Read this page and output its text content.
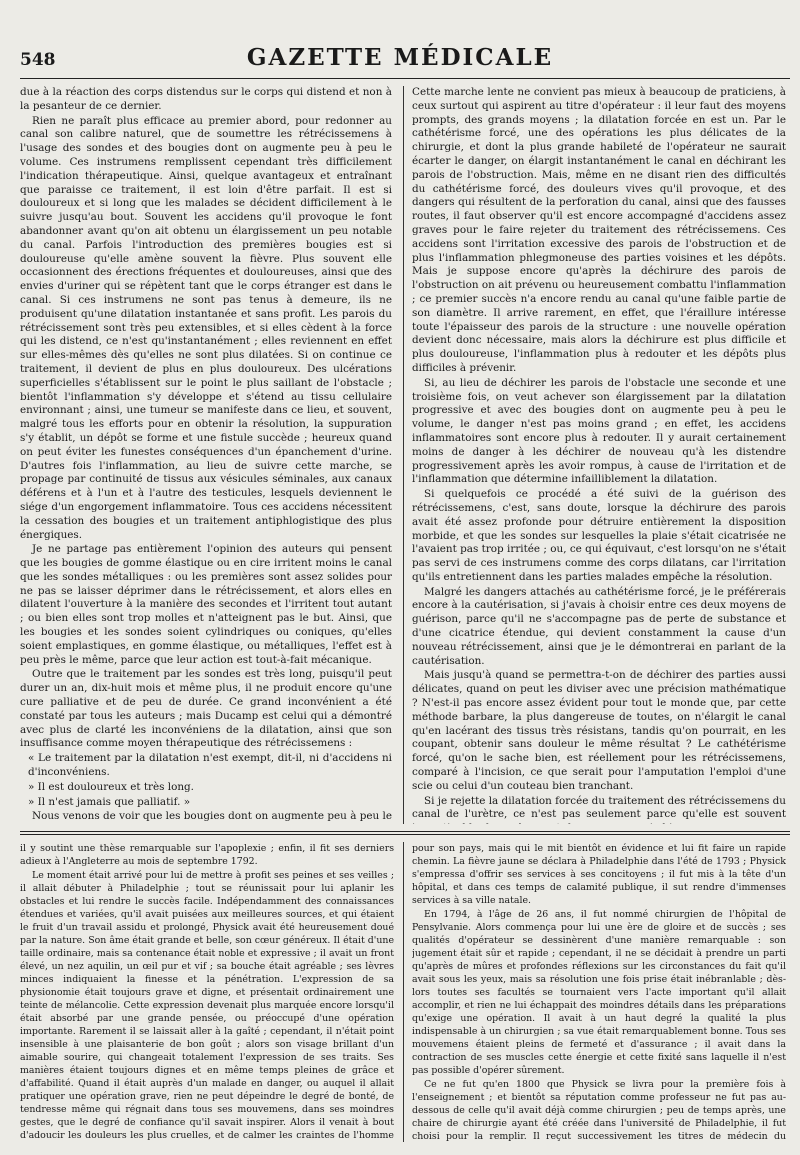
548	GAZETTE MÉDICALE

due à la réaction des corps distendus sur le corps qui distend et non à la pesanteur de ce dernier.

Rien ne paraît plus efficace au premier abord, pour redonner au canal son calibre naturel, que de soumettre les rétrécissemens à l'usage des sondes et des bougies dont on augmente peu à peu le volume. Ces instrumens remplissent cependant très difficilement l'indication thérapeutique. Ainsi, quelque avantageux et entraînant que paraisse ce traitement, il est loin d'être parfait. Il est si douloureux et si long que les malades se décident difficilement à le suivre jusqu'au bout. Souvent les accidens qu'il provoque le font abandonner avant qu'on ait obtenu un élargissement un peu notable du canal. Parfois l'introduction des premières bougies est si douloureuse qu'elle amène souvent la fièvre. Plus souvent elle occasionnent des érections fréquentes et douloureuses, ainsi que des envies d'uriner qui se répètent tant que le corps étranger est dans le canal. Si ces instrumens ne sont pas tenus à demeure, ils ne produisent qu'une dilatation instantanée et sans profit. Les parois du rétrécissement sont très peu extensibles, et si elles cèdent à la force qui les distend, ce n'est qu'instantanément ; elles reviennent en effet sur elles-mêmes dès qu'elles ne sont plus dilatées. Si on continue ce traitement, il devient de plus en plus douloureux. Des ulcérations superficielles s'établissent sur le point le plus saillant de l'obstacle ; bientôt l'inflammation s'y développe et s'étend au tissu cellulaire environnant ; ainsi, une tumeur se manifeste dans ce lieu, et souvent, malgré tous les efforts pour en obtenir la résolution, la suppuration s'y établit, un dépôt se forme et une fistule succède ; heureux quand on peut éviter les funestes conséquences d'un épanchement d'urine. D'autres fois l'inflammation, au lieu de suivre cette marche, se propage par continuité de tissus aux vésicules séminales, aux canaux déférens et à l'un et à l'autre des testicules, lesquels deviennent le siége d'un engorgement inflammatoire. Tous ces accidens nécessitent la cessation des bougies et un traitement antiphlogistique des plus énergiques.

Je ne partage pas entièrement l'opinion des auteurs qui pensent que les bougies de gomme élastique ou en cire irritent moins le canal que les sondes métalliques : ou les premières sont assez solides pour ne pas se laisser déprimer dans le rétrécissement, et alors elles en dilatent l'ouverture à la manière des secondes et l'irritent tout autant ; ou bien elles sont trop molles et n'atteignent pas le but. Ainsi, que les bougies et les sondes soient cylindriques ou coniques, qu'elles soient emplastiques, en gomme élastique, ou métalliques, l'effet est à peu près le même, parce que leur action est tout-à-fait mécanique.

Outre que le traitement par les sondes est très long, puisqu'il peut durer un an, dix-huit mois et même plus, il ne produit encore qu'une cure palliative et de peu de durée. Ce grand inconvénient a été constaté par tous les auteurs ; mais Ducamp est celui qui a démontré avec plus de clarté les inconvéniens de la dilatation, ainsi que son insuffisance comme moyen thérapeutique des rétrécissemens :

« Le traitement par la dilatation n'est exempt, dit-il, ni d'accidens ni d'inconvéniens.

» Il est douloureux et très long.

» Il n'est jamais que palliatif. »

Nous venons de voir que les bougies dont on augmente peu à peu le

Cette marche lente ne convient pas mieux à beaucoup de praticiens, à ceux surtout qui aspirent au titre d'opérateur : il leur faut des moyens prompts, des grands moyens ; la dilatation forcée en est un. Par le cathétérisme forcé, une des opérations les plus délicates de la chirurgie, et dont la plus grande habileté de l'opérateur ne saurait écarter le danger, on élargit instantanément le canal en déchirant les parois de l'obstruction. Mais, même en ne disant rien des difficultés du cathétérisme forcé, des douleurs vives qu'il provoque, et des dangers qui résultent de la perforation du canal, ainsi que des fausses routes, il faut observer qu'il est encore accompagné d'accidens assez graves pour le faire rejeter du traitement des rétrécissemens. Ces accidens sont l'irritation excessive des parois de l'obstruction et de plus l'inflammation phlegmoneuse des parties voisines et les dépôts. Mais je suppose encore qu'après la déchirure des parois de l'obstruction on ait prévenu ou heureusement combattu l'inflammation ; ce premier succès n'a encore rendu au canal qu'une faible partie de son diamètre. Il arrive rarement, en effet, que l'éraillure intéresse toute l'épaisseur des parois de la structure : une nouvelle opération devient donc nécessaire, mais alors la déchirure est plus difficile et plus douloureuse, l'inflammation plus à redouter et les dépôts plus difficiles à prévenir.

Si, au lieu de déchirer les parois de l'obstacle une seconde et une troisième fois, on veut achever son élargissement par la dilatation progressive et avec des bougies dont on augmente peu à peu le volume, le danger n'est pas moins grand ; en effet, les accidens inflammatoires sont encore plus à redouter. Il y aurait certainement moins de danger à les déchirer de nouveau qu'à les distendre progressivement après les avoir rompus, à cause de l'irritation et de l'inflammation que détermine infailliblement la dilatation.

Si quelquefois ce procédé a été suivi de la guérison des rétrécissemens, c'est, sans doute, lorsque la déchirure des parois avait été assez profonde pour détruire entièrement la disposition morbide, et que les sondes sur lesquelles la plaie s'était cicatrisée ne l'avaient pas trop irritée ; ou, ce qui équivaut, c'est lorsqu'on ne s'était pas servi de ces instrumens comme des corps dilatans, car l'irritation qu'ils entretiennent dans les parties malades empêche la résolution.

Malgré les dangers attachés au cathétérisme forcé, je le préférerais encore à la cautérisation, si j'avais à choisir entre ces deux moyens de guérison, parce qu'il ne s'accompagne pas de perte de substance et d'une cicatrice étendue, qui devient constamment la cause d'un nouveau rétrécissement, ainsi que je le démontrerai en parlant de la cautérisation.

Mais jusqu'à quand se permettra-t-on de déchirer des parties aussi délicates, quand on peut les diviser avec une précision mathématique ? N'est-il pas encore assez évident pour tout le monde que, par cette méthode barbare, la plus dangereuse de toutes, on n'élargit le canal qu'en lacérant des tissus très résistans, tandis qu'on pourrait, en les coupant, obtenir sans douleur le même résultat ? Le cathétérisme forcé, qu'on le sache bien, est réellement pour les rétrécissemens, comparé à l'incision, ce que serait pour l'amputation l'emploi d'une scie ou celui d'un couteau bien tranchant.

Si je rejette la dilatation forcée du traitement des rétrécissemens du canal de l'urètre, ce n'est pas seulement parce qu'elle est souvent

il y soutint une thèse remarquable sur l'apoplexie ; enfin, il fit ses derniers adieux à l'Angleterre au mois de septembre 1792.

Le moment était arrivé pour lui de mettre à profit ses peines et ses veilles ; il allait débuter à Philadelphie ; tout se réunissait pour lui aplanir les obstacles et lui rendre le succès facile. Indépendamment des connaissances étendues et variées, qu'il avait puisées aux meilleures sources, et qui étaient le fruit d'un travail assidu et prolongé, Physick avait été heureusement doué par la nature. Son âme était grande et belle, son cœur généreux. Il était d'une taille ordinaire, mais sa contenance était noble et expressive ; il avait un front élevé, un nez aquilin, un œil pur et vif ; sa bouche était agréable ; ses lèvres minces indiquaient la finesse et la pénétration. L'expression de sa physionomie était toujours grave et digne, et présentait ordinairement une teinte de mélancolie. Cette expression devenait plus marquée encore lorsqu'il était absorbé par une grande pensée, ou préoccupé d'une opération importante. Rarement il se laissait aller à la gaîté ; cependant, il n'était point insensible à une plaisanterie de bon goût ; alors son visage brillant d'un aimable sourire, qui changeait totalement l'expression de ses traits. Ses manières étaient toujours dignes et en même temps pleines de grâce et d'affabilité. Quand il était auprès d'un malade en danger, ou auquel il allait pratiquer une opération grave, rien ne peut dépeindre le degré de bonté, de tendresse même qui régnait dans tous ses mouvemens, dans ses moindres gestes, que le degré de confiance qu'il savait inspirer. Alors il venait à bout d'adoucir les douleurs les plus cruelles, et de calmer les craintes de l'homme

pour son pays, mais qui le mit bientôt en évidence et lui fit faire un rapide chemin. La fièvre jaune se déclara à Philadelphie dans l'été de 1793 ; Physick s'empressa d'offrir ses services à ses concitoyens ; il fut mis à la tête d'un hôpital, et dans ces temps de calamité publique, il sut rendre d'immenses services à sa ville natale.

En 1794, à l'âge de 26 ans, il fut nommé chirurgien de l'hôpital de Pensylvanie. Alors commença pour lui une ère de gloire et de succès ; ses qualités d'opérateur se dessinèrent d'une manière remarquable : son jugement était sûr et rapide ; cependant, il ne se décidait à prendre un parti qu'après de mûres et profondes réflexions sur les circonstances du fait qu'il avait sous les yeux, mais sa résolution une fois prise était inébranlable ; dès-lors toutes ses facultés se tournaient vers l'acte important qu'il allait accomplir, et rien ne lui échappait des moindres détails dans les préparations qu'exige une opération. Il avait à un haut degré la qualité la plus indispensable à un chirurgien ; sa vue était remarquablement bonne. Tous ses mouvemens étaient pleins de fermeté et d'assurance ; il avait dans la contraction de ses muscles cette énergie et cette fixité sans laquelle il n'est pas possible d'opérer sûrement.

Ce ne fut qu'en 1800 que Physick se livra pour la première fois à l'enseignement ; et bientôt sa réputation comme professeur ne fut pas au-dessous de celle qu'il avait déjà comme chirurgien ; peu de temps après, une chaire de chirurgie ayant été créée dans l'université de Philadelphie, il fut choisi pour la remplir. Il reçut successivement les titres de médecin du
